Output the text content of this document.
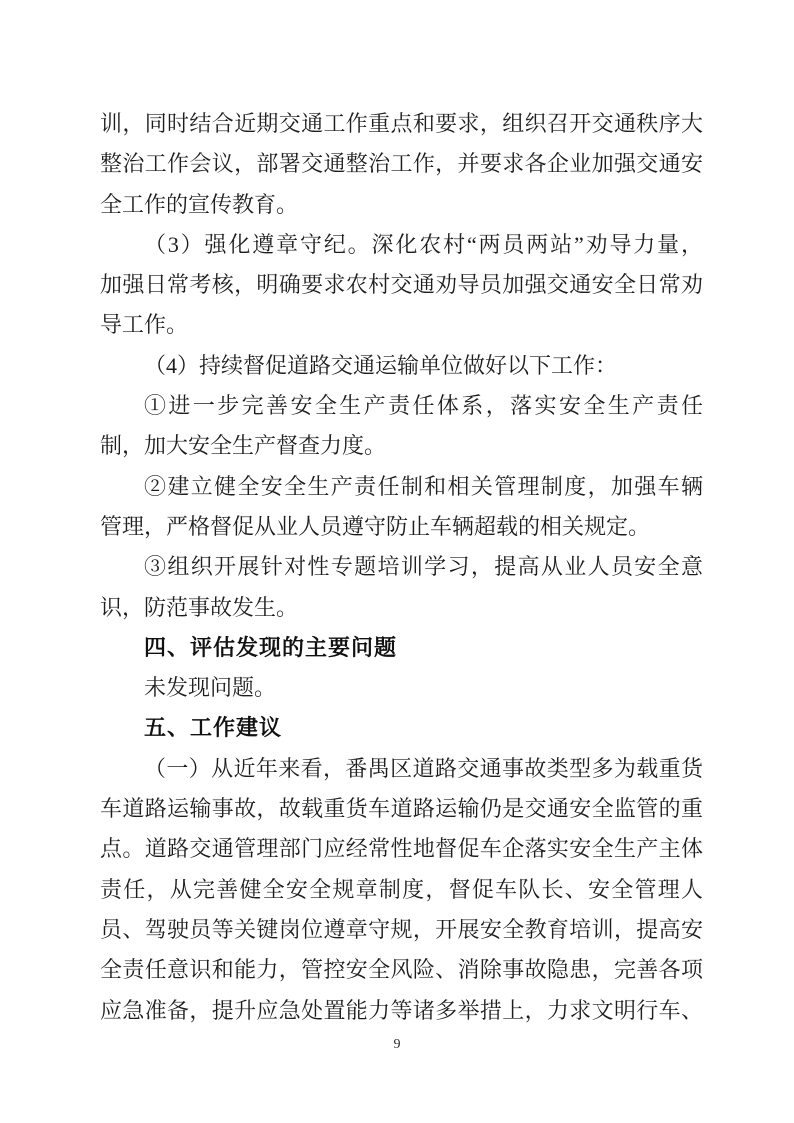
训，同时结合近期交通工作重点和要求，组织召开交通秩序大
整治工作会议，部署交通整治工作，并要求各企业加强交通安
全工作的宣传教育。
（3）强化遵章守纪。深化农村“两员两站”劝导力量，
加强日常考核，明确要求农村交通劝导员加强交通安全日常劝
导工作。
（4）持续督促道路交通运输单位做好以下工作：
①进一步完善安全生产责任体系，落实安全生产责任
制，加大安全生产督查力度。
②建立健全安全生产责任制和相关管理制度，加强车辆
管理，严格督促从业人员遵守防止车辆超载的相关规定。
③组织开展针对性专题培训学习，提高从业人员安全意
识，防范事故发生。
四、评估发现的主要问题
未发现问题。
五、工作建议
（一）从近年来看，番禺区道路交通事故类型多为载重货
车道路运输事故，故载重货车道路运输仍是交通安全监管的重
点。道路交通管理部门应经常性地督促车企落实安全生产主体
责任，从完善健全安全规章制度，督促车队长、安全管理人
员、驾驶员等关键岗位遵章守规，开展安全教育培训，提高安
全责任意识和能力，管控安全风险、消除事故隐患，完善各项
应急准备，提升应急处置能力等诸多举措上，力求文明行车、
9
